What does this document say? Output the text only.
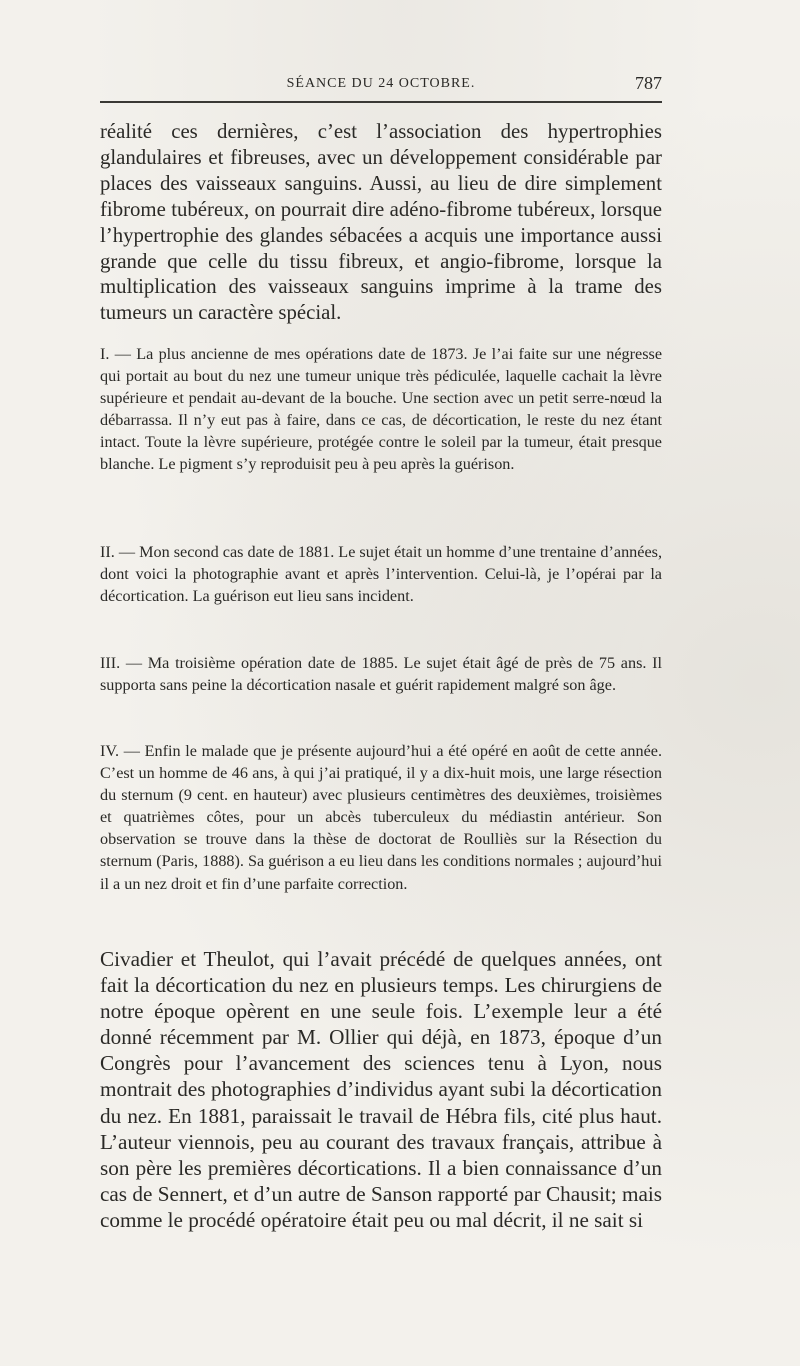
SÉANCE DU 24 OCTOBRE.	787

réalité ces dernières, c’est l’association des hypertrophies glandulaires et fibreuses, avec un développement considérable par places des vaisseaux sanguins. Aussi, au lieu de dire simplement fibrome tubéreux, on pourrait dire adéno-fibrome tubéreux, lorsque l’hypertrophie des glandes sébacées a acquis une importance aussi grande que celle du tissu fibreux, et angio-fibrome, lorsque la multiplication des vaisseaux sanguins imprime à la trame des tumeurs un caractère spécial.

I. — La plus ancienne de mes opérations date de 1873. Je l’ai faite sur une négresse qui portait au bout du nez une tumeur unique très pédiculée, laquelle cachait la lèvre supérieure et pendait au-devant de la bouche. Une section avec un petit serre-nœud la débarrassa. Il n’y eut pas à faire, dans ce cas, de décortication, le reste du nez étant intact. Toute la lèvre supérieure, protégée contre le soleil par la tumeur, était presque blanche. Le pigment s’y reproduisit peu à peu après la guérison.

II. — Mon second cas date de 1881. Le sujet était un homme d’une trentaine d’années, dont voici la photographie avant et après l’intervention. Celui-là, je l’opérai par la décortication. La guérison eut lieu sans incident.

III. — Ma troisième opération date de 1885. Le sujet était âgé de près de 75 ans. Il supporta sans peine la décortication nasale et guérit rapidement malgré son âge.

IV. — Enfin le malade que je présente aujourd’hui a été opéré en août de cette année. C’est un homme de 46 ans, à qui j’ai pratiqué, il y a dix-huit mois, une large résection du sternum (9 cent. en hauteur) avec plusieurs centimètres des deuxièmes, troisièmes et quatrièmes côtes, pour un abcès tuberculeux du médiastin antérieur. Son observation se trouve dans la thèse de doctorat de Roulliès sur la Résection du sternum (Paris, 1888). Sa guérison a eu lieu dans les conditions normales ; aujourd’hui il a un nez droit et fin d’une parfaite correction.

Civadier et Theulot, qui l’avait précédé de quelques années, ont fait la décortication du nez en plusieurs temps. Les chirurgiens de notre époque opèrent en une seule fois. L’exemple leur a été donné récemment par M. Ollier qui déjà, en 1873, époque d’un Congrès pour l’avancement des sciences tenu à Lyon, nous montrait des photographies d’individus ayant subi la décortication du nez. En 1881, paraissait le travail de Hébra fils, cité plus haut. L’auteur viennois, peu au courant des travaux français, attribue à son père les premières décortications. Il a bien connaissance d’un cas de Sennert, et d’un autre de Sanson rapporté par Chausit; mais comme le procédé opératoire était peu ou mal décrit, il ne sait si
